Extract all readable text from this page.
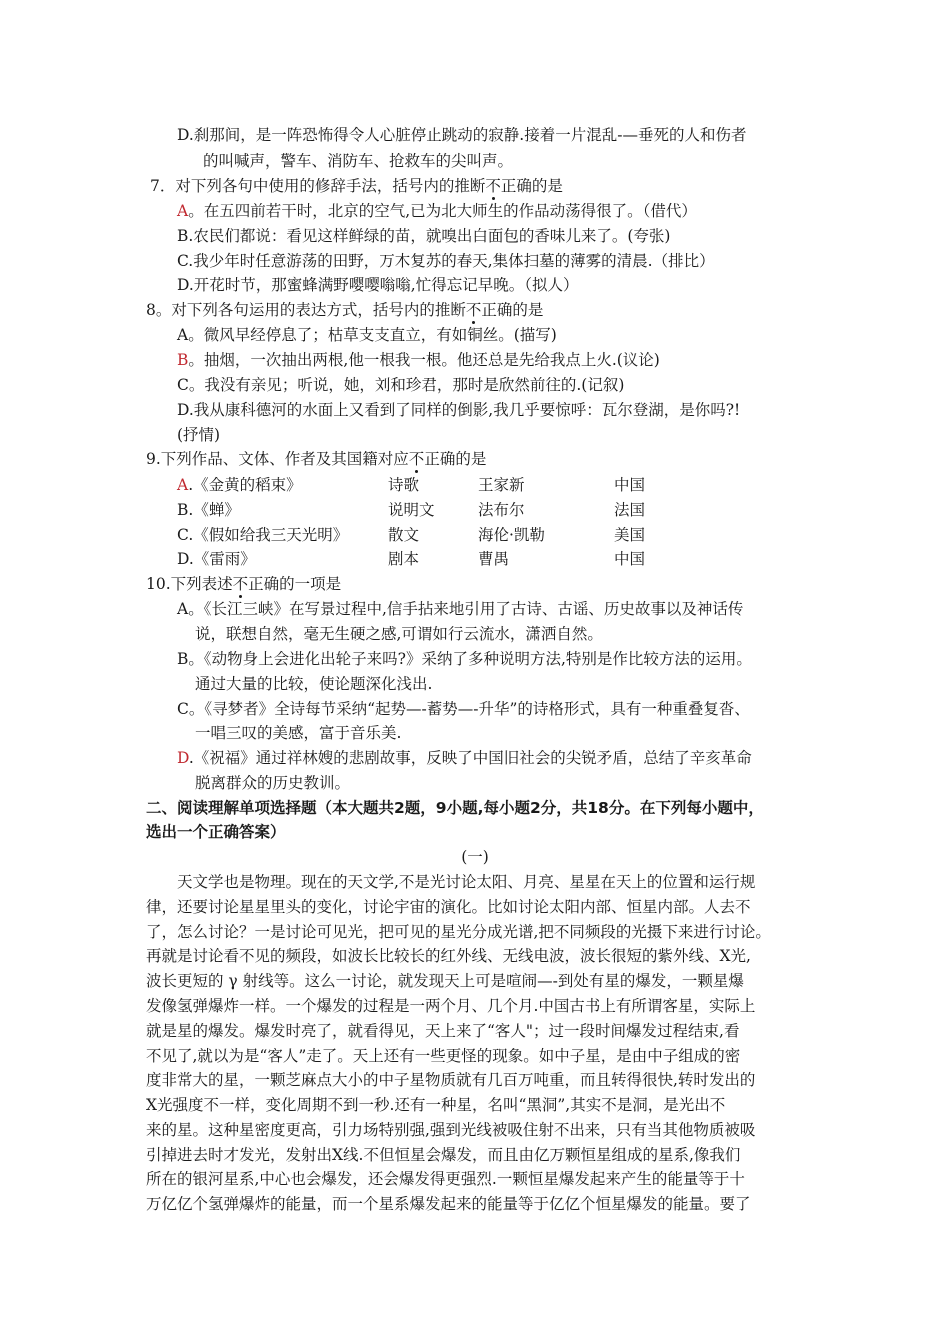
D.刹那间，是一阵恐怖得令人心脏停止跳动的寂静.接着一片混乱-—垂死的人和伤者
的叫喊声，警车、消防车、抢救车的尖叫声。
7．对下列各句中使用的修辞手法，括号内的推断不正确的是
A。在五四前若干时，北京的空气,已为北大师生的作品动荡得很了。（借代）
B.农民们都说：看见这样鲜绿的苗，就嗅出白面包的香味儿来了。(夸张)
C.我少年时任意游荡的田野，万木复苏的春天,集体扫墓的薄雾的清晨.（排比）
D.开花时节，那蜜蜂满野嘤嘤嗡嗡,忙得忘记早晚。（拟人）
8。对下列各句运用的表达方式，括号内的推断不正确的是
A。微风早经停息了；枯草支支直立，有如铜丝。(描写)
B。抽烟，一次抽出两根,他一根我一根。他还总是先给我点上火.(议论)
C。我没有亲见；听说，她，刘和珍君，那时是欣然前往的.(记叙)
D.我从康科德河的水面上又看到了同样的倒影,我几乎要惊呼：瓦尔登湖，是你吗?!
(抒情)
9.下列作品、文体、作者及其国籍对应不正确的是
A.《金黄的稻束》	诗歌	王家新	中国
B.《蝉》	说明文	法布尔	法国
C.《假如给我三天光明》	散文	海伦·凯勒	美国
D.《雷雨》	剧本	曹禺	中国
10.下列表述不正确的一项是
A。《长江三峡》在写景过程中,信手拈来地引用了古诗、古谣、历史故事以及神话传
说，联想自然，毫无生硬之感,可谓如行云流水，潇洒自然。
B。《动物身上会进化出轮子来吗?》采纳了多种说明方法,特别是作比较方法的运用。
通过大量的比较，使论题深化浅出.
C。《寻梦者》全诗每节采纳“起势—-蓄势—-升华”的诗格形式，具有一种重叠复沓、
一唱三叹的美感，富于音乐美.
D.《祝福》通过祥林嫂的悲剧故事，反映了中国旧社会的尖锐矛盾，总结了辛亥革命
脱离群众的历史教训。
二、阅读理解单项选择题（本大题共2题，9小题,每小题2分，共18分。在下列每小题中，
选出一个正确答案）
(一)
天文学也是物理。现在的天文学,不是光讨论太阳、月亮、星星在天上的位置和运行规
律，还要讨论星星里头的变化，讨论宇宙的演化。比如讨论太阳内部、恒星内部。人去不
了，怎么讨论？一是讨论可见光，把可见的星光分成光谱,把不同频段的光摄下来进行讨论。
再就是讨论看不见的频段，如波长比较长的红外线、无线电波，波长很短的紫外线、X光,
波长更短的 γ 射线等。这么一讨论，就发现天上可是喧闹—-到处有星的爆发，一颗星爆
发像氢弹爆炸一样。一个爆发的过程是一两个月、几个月.中国古书上有所谓客星，实际上
就是星的爆发。爆发时亮了，就看得见，天上来了“客人"；过一段时间爆发过程结束,看
不见了,就以为是“客人”走了。天上还有一些更怪的现象。如中子星，是由中子组成的密
度非常大的星，一颗芝麻点大小的中子星物质就有几百万吨重，而且转得很快,转时发出的
X光强度不一样，变化周期不到一秒.还有一种星，名叫“黑洞”,其实不是洞，是光出不
来的星。这种星密度更高，引力场特别强,强到光线被吸住射不出来，只有当其他物质被吸
引掉进去时才发光，发射出X线.不但恒星会爆发，而且由亿万颗恒星组成的星系,像我们
所在的银河星系,中心也会爆发，还会爆发得更强烈.一颗恒星爆发起来产生的能量等于十
万亿亿个氢弹爆炸的能量，而一个星系爆发起来的能量等于亿亿个恒星爆发的能量。要了
